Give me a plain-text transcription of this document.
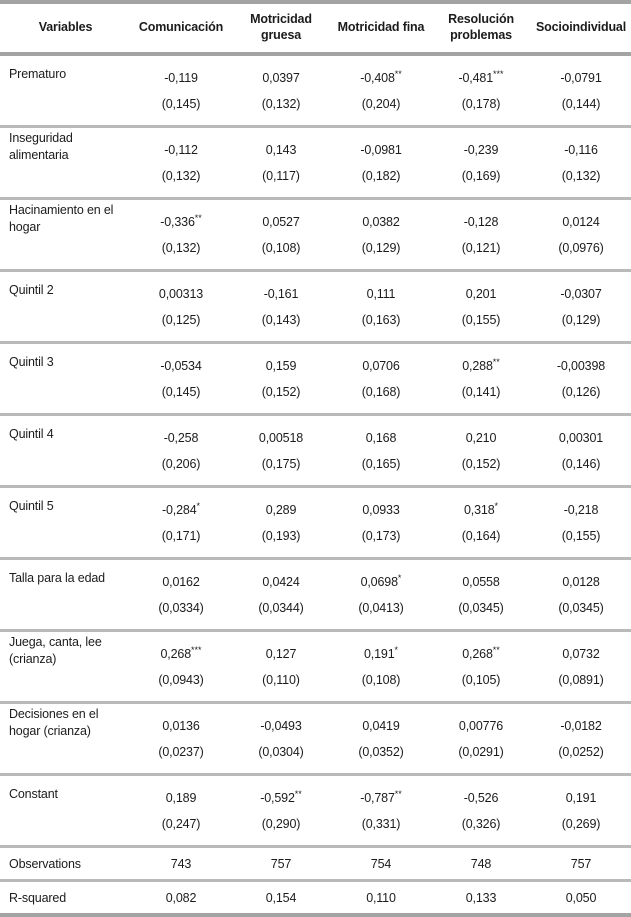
Variables	Comunicación	Motricidad gruesa	Motricidad fina	Resolución problemas	Socioindividual

Prematuro	-0,119	0,0397	-0,408**	-0,481***	-0,0791
	(0,145)	(0,132)	(0,204)	(0,178)	(0,144)

Inseguridad alimentaria	-0,112	0,143	-0,0981	-0,239	-0,116
	(0,132)	(0,117)	(0,182)	(0,169)	(0,132)

Hacinamiento en el hogar	-0,336**	0,0527	0,0382	-0,128	0,0124
	(0,132)	(0,108)	(0,129)	(0,121)	(0,0976)

Quintil 2	0,00313	-0,161	0,111	0,201	-0,0307
	(0,125)	(0,143)	(0,163)	(0,155)	(0,129)

Quintil 3	-0,0534	0,159	0,0706	0,288**	-0,00398
	(0,145)	(0,152)	(0,168)	(0,141)	(0,126)

Quintil 4	-0,258	0,00518	0,168	0,210	0,00301
	(0,206)	(0,175)	(0,165)	(0,152)	(0,146)

Quintil 5	-0,284*	0,289	0,0933	0,318*	-0,218
	(0,171)	(0,193)	(0,173)	(0,164)	(0,155)

Talla para la edad	0,0162	0,0424	0,0698*	0,0558	0,0128
	(0,0334)	(0,0344)	(0,0413)	(0,0345)	(0,0345)

Juega, canta, lee (crianza)	0,268***	0,127	0,191*	0,268**	0,0732
	(0,0943)	(0,110)	(0,108)	(0,105)	(0,0891)

Decisiones en el hogar (crianza)	0,0136	-0,0493	0,0419	0,00776	-0,0182
	(0,0237)	(0,0304)	(0,0352)	(0,0291)	(0,0252)

Constant	0,189	-0,592**	-0,787**	-0,526	0,191
	(0,247)	(0,290)	(0,331)	(0,326)	(0,269)
Observations	743	757	754	748	757
R-squared	0,082	0,154	0,110	0,133	0,050
